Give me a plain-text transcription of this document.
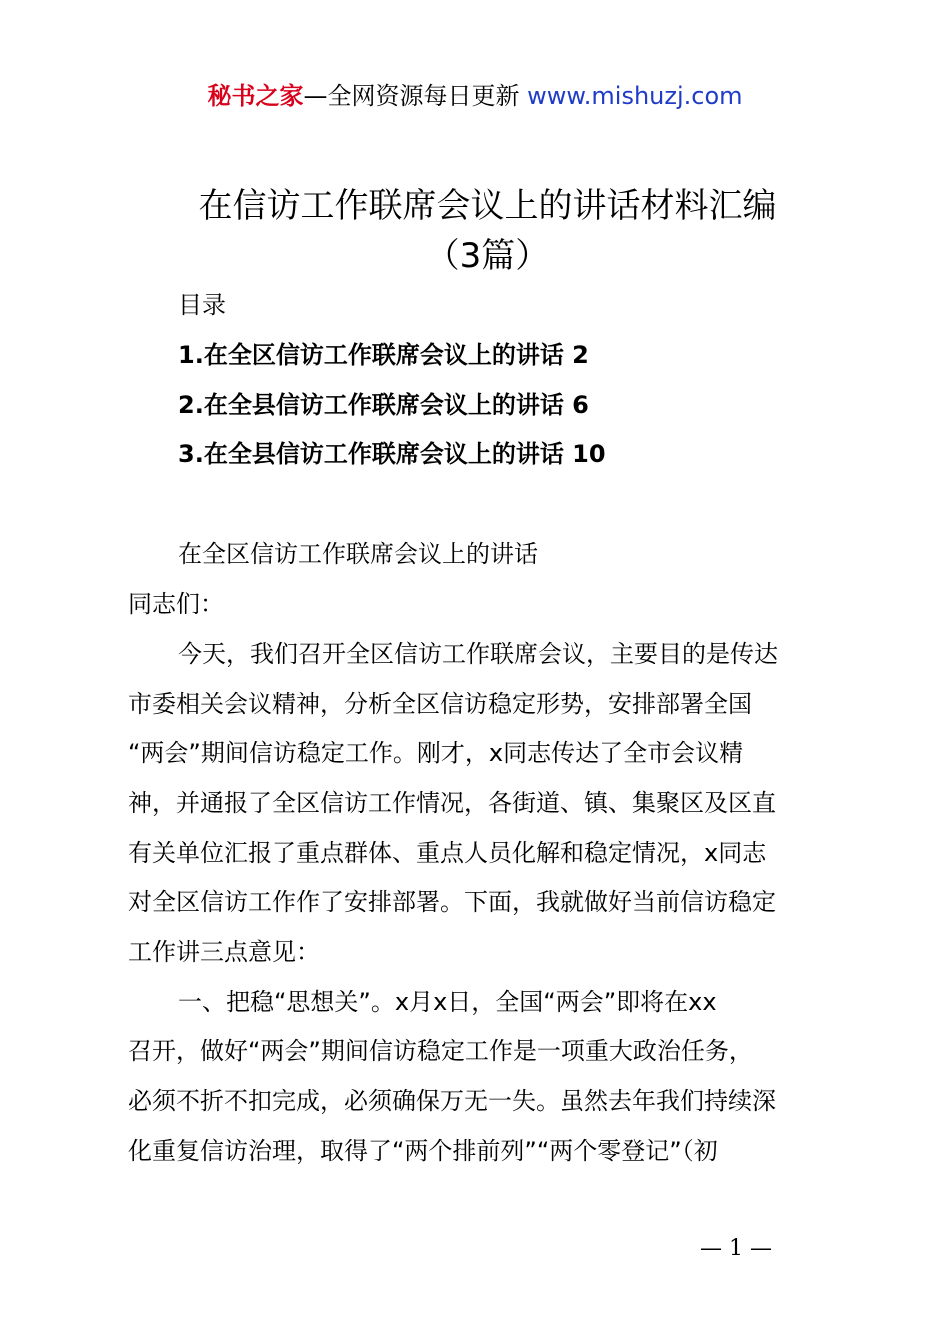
秘书之家—全网资源每日更新 www.mishuzj.com
在信访工作联席会议上的讲话材料汇编
（3篇）
目录
1.在全区信访工作联席会议上的讲话 2
2.在全县信访工作联席会议上的讲话 6
3.在全县信访工作联席会议上的讲话 10
在全区信访工作联席会议上的讲话
同志们：
今天，我们召开全区信访工作联席会议，主要目的是传达
市委相关会议精神，分析全区信访稳定形势，安排部署全国
“两会”期间信访稳定工作。刚才，x同志传达了全市会议精
神，并通报了全区信访工作情况，各街道、镇、集聚区及区直
有关单位汇报了重点群体、重点人员化解和稳定情况，x同志
对全区信访工作作了安排部署。下面，我就做好当前信访稳定
工作讲三点意见：
一、把稳“思想关”。x月x日，全国“两会”即将在xx
召开，做好“两会”期间信访稳定工作是一项重大政治任务，
必须不折不扣完成，必须确保万无一失。虽然去年我们持续深
化重复信访治理，取得了“两个排前列”“两个零登记”（初
— 1 —
